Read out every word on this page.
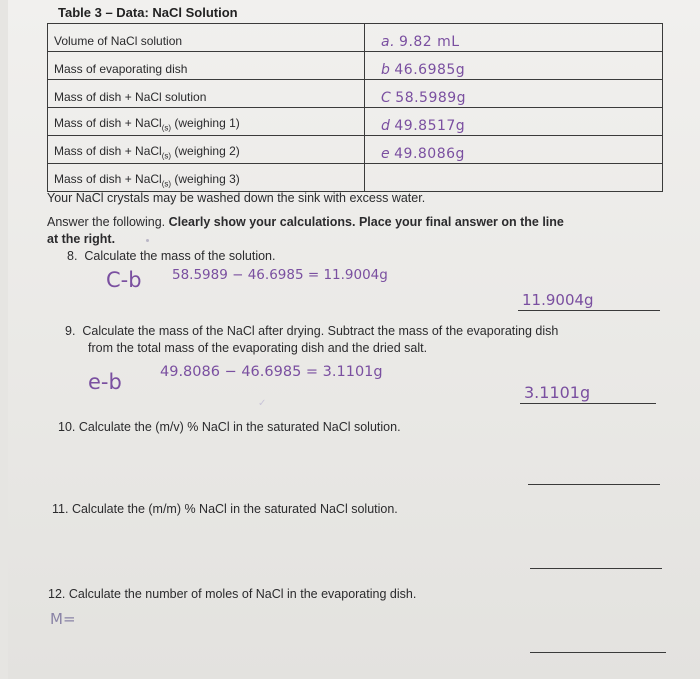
Table 3 – Data: NaCl Solution
Volume of NaCl solution	a. 9.82 mL
Mass of evaporating dish	b 46.6985g
Mass of dish + NaCl solution	C 58.5989g
Mass of dish + NaCl$_{(s)}$ (weighing 1)	d 49.8517g
Mass of dish + NaCl$_{(s)}$ (weighing 2)	e 49.8086g
Mass of dish + NaCl$_{(s)}$ (weighing 3)	
Your NaCl crystals may be washed down the sink with excess water.
Answer the following. Clearly show your calculations. Place your final answer on the line
at the right.
8. Calculate the mass of the solution.
C-b 58.5989 − 46.6985 = 11.9004g
11.9004g
9. Calculate the mass of the NaCl after drying. Subtract the mass of the evaporating dish
from the total mass of the evaporating dish and the dried salt.
e-b	49.8086 − 46.6985 = 3.1101g
3.1101g
✓
10. Calculate the (m/v) % NaCl in the saturated NaCl solution.
11. Calculate the (m/m) % NaCl in the saturated NaCl solution.
12. Calculate the number of moles of NaCl in the evaporating dish.
M=
